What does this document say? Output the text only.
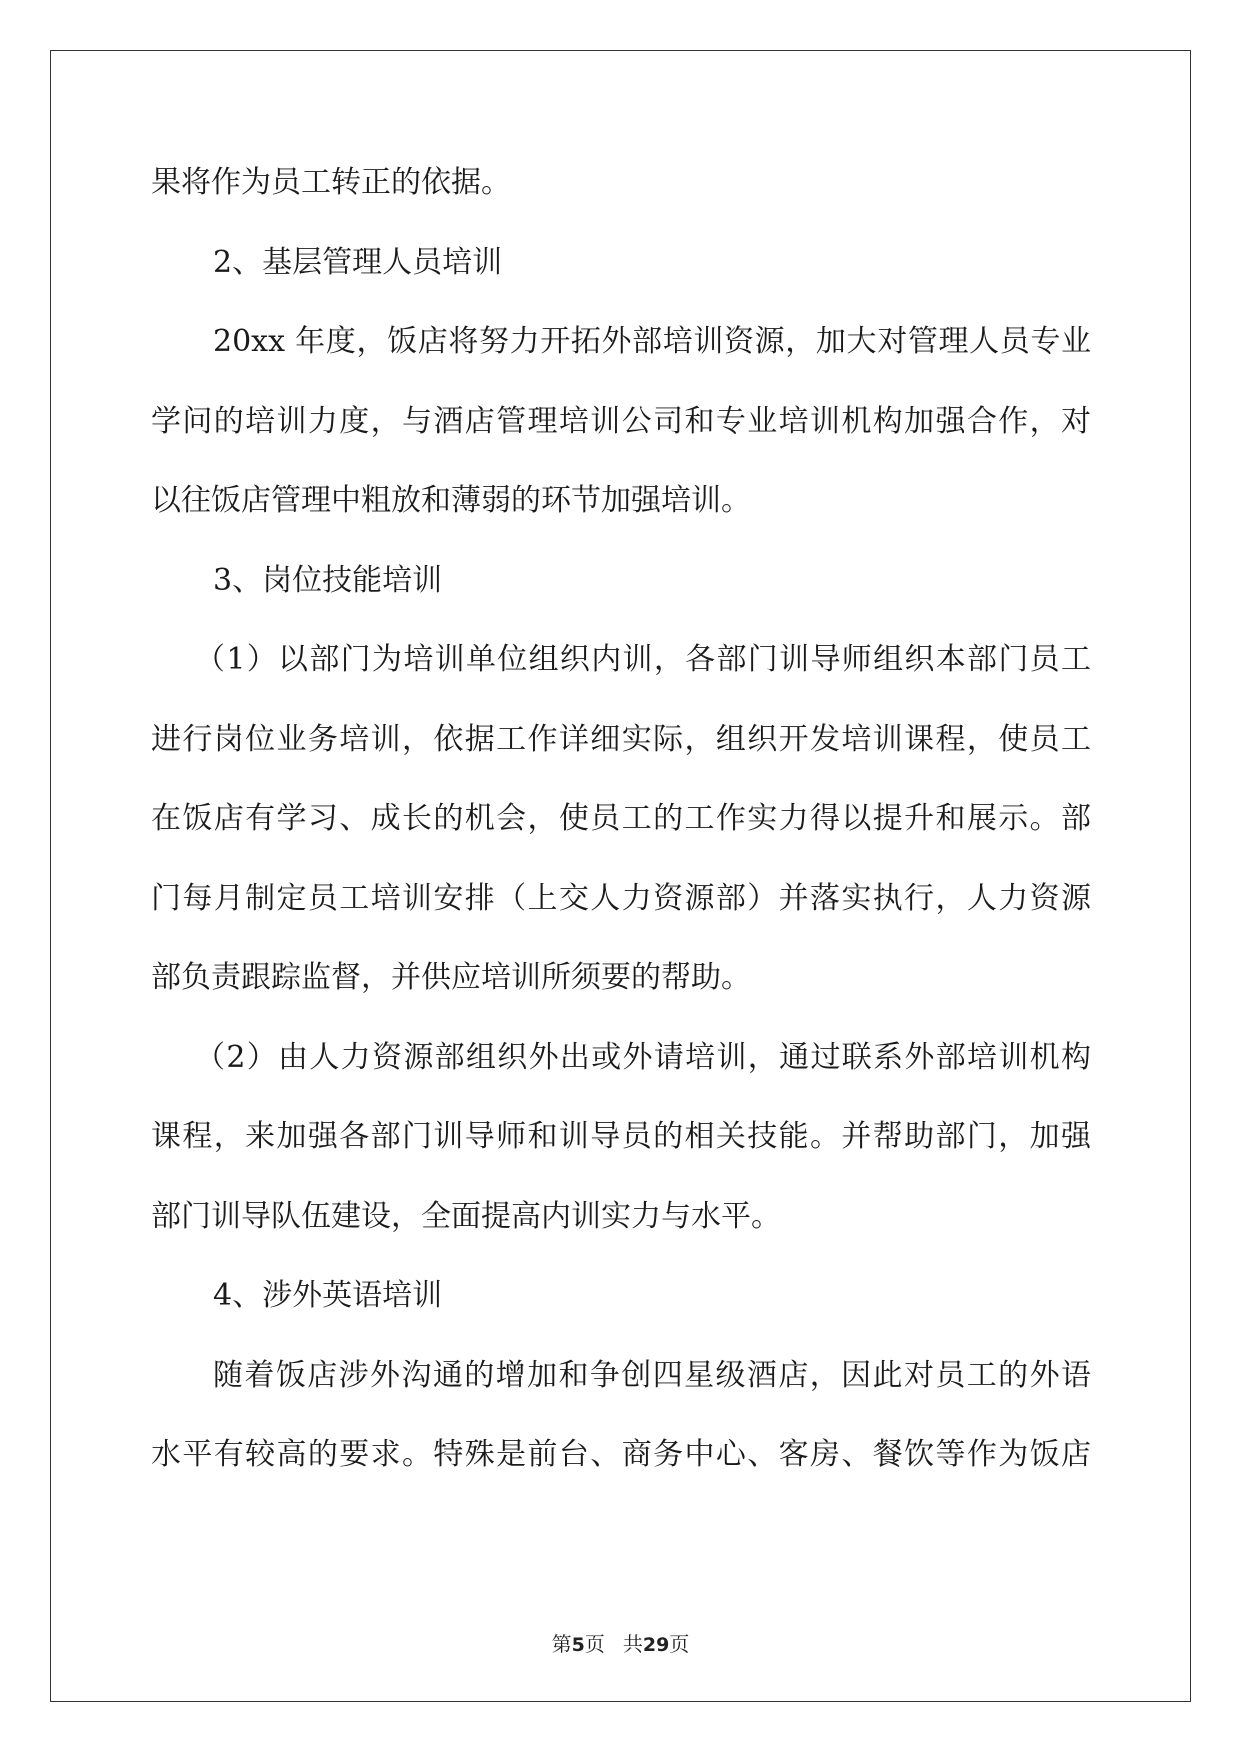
果将作为员工转正的依据。
2、基层管理人员培训
20xx 年度，饭店将努力开拓外部培训资源，加大对管理人员专业
学问的培训力度，与酒店管理培训公司和专业培训机构加强合作，对
以往饭店管理中粗放和薄弱的环节加强培训。
3、岗位技能培训
（1）以部门为培训单位组织内训，各部门训导师组织本部门员工
进行岗位业务培训，依据工作详细实际，组织开发培训课程，使员工
在饭店有学习、成长的机会，使员工的工作实力得以提升和展示。部
门每月制定员工培训安排（上交人力资源部）并落实执行，人力资源
部负责跟踪监督，并供应培训所须要的帮助。
（2）由人力资源部组织外出或外请培训，通过联系外部培训机构
课程，来加强各部门训导师和训导员的相关技能。并帮助部门，加强
部门训导队伍建设，全面提高内训实力与水平。
4、涉外英语培训
随着饭店涉外沟通的增加和争创四星级酒店，因此对员工的外语
水平有较高的要求。特殊是前台、商务中心、客房、餐饮等作为饭店
第5页 共29页
